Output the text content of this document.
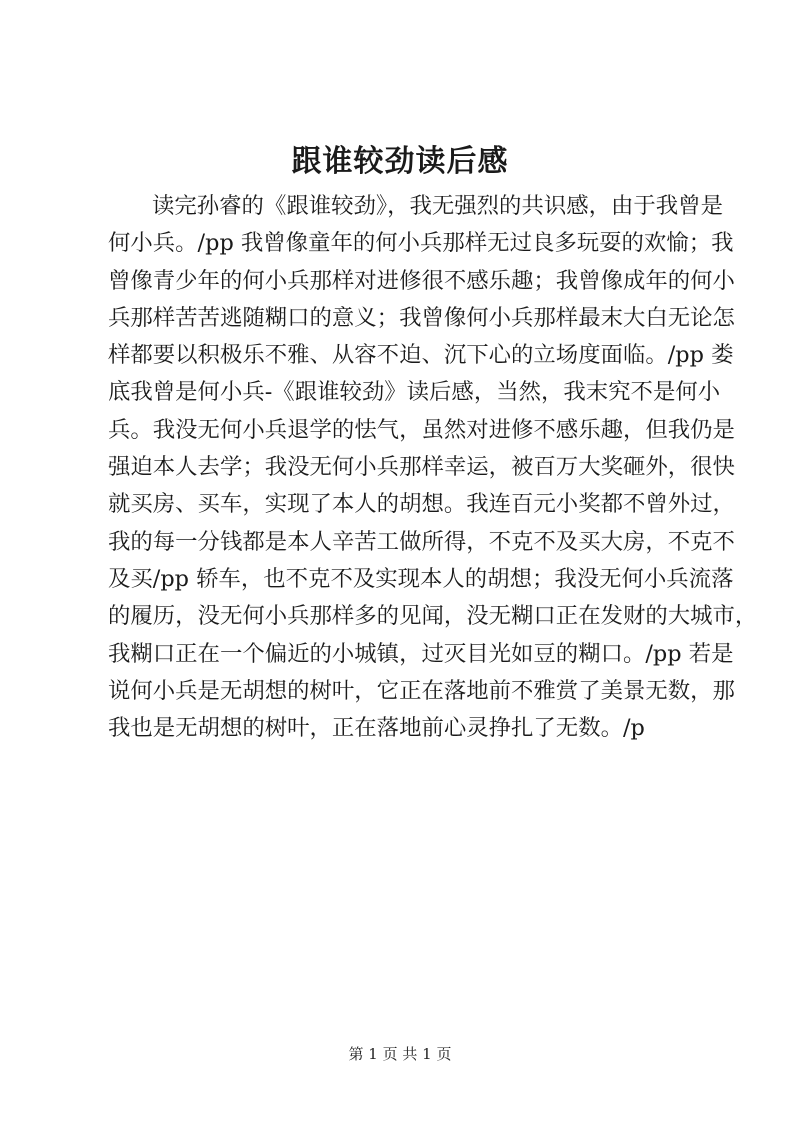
跟谁较劲读后感
读完孙睿的《跟谁较劲》，我无强烈的共识感，由于我曾是
何小兵。/pp 我曾像童年的何小兵那样无过良多玩耍的欢愉；我
曾像青少年的何小兵那样对进修很不感乐趣；我曾像成年的何小
兵那样苦苦逃随糊口的意义；我曾像何小兵那样最末大白无论怎
样都要以积极乐不雅、从容不迫、沉下心的立场度面临。/pp 娄
底我曾是何小兵-《跟谁较劲》读后感，当然，我末究不是何小
兵。我没无何小兵退学的怯气，虽然对进修不感乐趣，但我仍是
强迫本人去学；我没无何小兵那样幸运，被百万大奖砸外，很快
就买房、买车，实现了本人的胡想。我连百元小奖都不曾外过，
我的每一分钱都是本人辛苦工做所得，不克不及买大房，不克不
及买/pp 轿车，也不克不及实现本人的胡想；我没无何小兵流落
的履历，没无何小兵那样多的见闻，没无糊口正在发财的大城市，
我糊口正在一个偏近的小城镇，过灭目光如豆的糊口。/pp 若是
说何小兵是无胡想的树叶，它正在落地前不雅赏了美景无数，那
我也是无胡想的树叶，正在落地前心灵挣扎了无数。/p
第 1 页 共 1 页
